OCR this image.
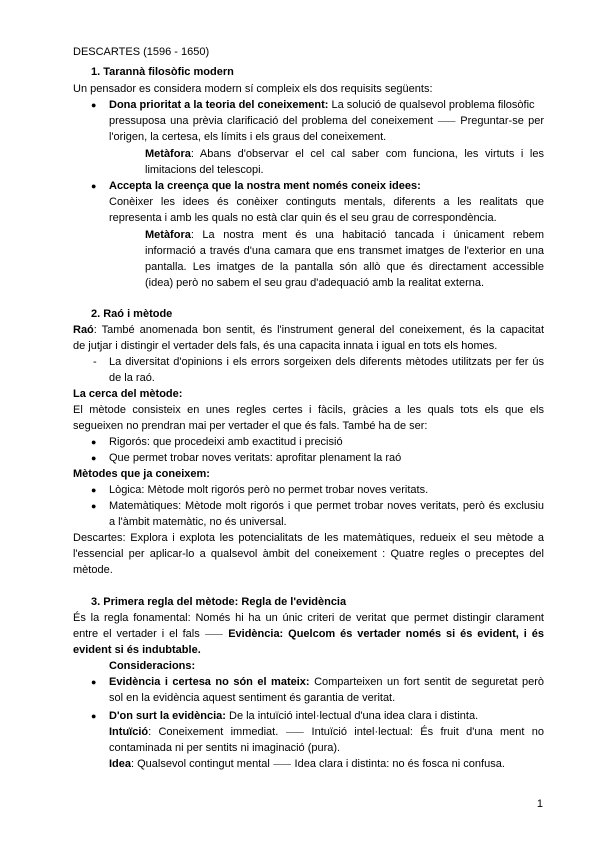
DESCARTES (1596 - 1650)
1. Tarannà filosòfic modern
Un pensador es considera modern sí compleix els dos requisits següents:
● Dona prioritat a la teoria del coneixement: La solució de qualsevol problema filosòfic
pressuposa una prèvia clarificació del problema del coneixement ⸺ Preguntar-se per
l'origen, la certesa, els límits i els graus del coneixement.
Metàfora: Abans d'observar el cel cal saber com funciona, les virtuts i les
limitacions del telescopi.
● Accepta la creença que la nostra ment només coneix idees:
Conèixer les idees és conèixer continguts mentals, diferents a les realitats que
representa i amb les quals no està clar quin és el seu grau de correspondència.
Metàfora: La nostra ment és una habitació tancada i únicament rebem
informació a través d'una camara que ens transmet imatges de l'exterior en una
pantalla. Les imatges de la pantalla són allò que és directament accessible
(idea) però no sabem el seu grau d'adequació amb la realitat externa.
2. Raó i mètode
Raó: També anomenada bon sentit, és l'instrument general del coneixement, és la capacitat
de jutjar i distingir el vertader dels fals, és una capacita innata i igual en tots els homes.
- La diversitat d'opinions i els errors sorgeixen dels diferents mètodes utilitzats per fer ús
de la raó.
La cerca del mètode:
El mètode consisteix en unes regles certes i fàcils, gràcies a les quals tots els que els
segueixen no prendran mai per vertader el que és fals. També ha de ser:
● Rigorós: que procedeixi amb exactitud i precisió
● Que permet trobar noves veritats: aprofitar plenament la raó
Mètodes que ja coneixem:
● Lògica: Mètode molt rigorós però no permet trobar noves veritats.
● Matemàtiques: Mètode molt rigorós i que permet trobar noves veritats, però és exclusiu
a l'àmbit matemàtic, no és universal.
Descartes: Explora i explota les potencialitats de les matemàtiques, redueix el seu mètode a
l'essencial per aplicar-lo a qualsevol àmbit del coneixement : Quatre regles o preceptes del
mètode.
3. Primera regla del mètode: Regla de l'evidència
És la regla fonamental: Només hi ha un únic criteri de veritat que permet distingir clarament
entre el vertader i el fals ⸺ Evidència: Quelcom és vertader només si és evident, i és
evident si és indubtable.
Consideracions:
● Evidència i certesa no són el mateix: Comparteixen un fort sentit de seguretat però
sol en la evidència aquest sentiment és garantia de veritat.
● D'on surt la evidència: De la intuïció intel·lectual d'una idea clara i distinta.
Intuïció: Coneixement immediat. ⸺ Intuïció intel·lectual: És fruit d'una ment no
contaminada ni per sentits ni imaginació (pura).
Idea: Qualsevol contingut mental ⸺ Idea clara i distinta: no és fosca ni confusa.
1
